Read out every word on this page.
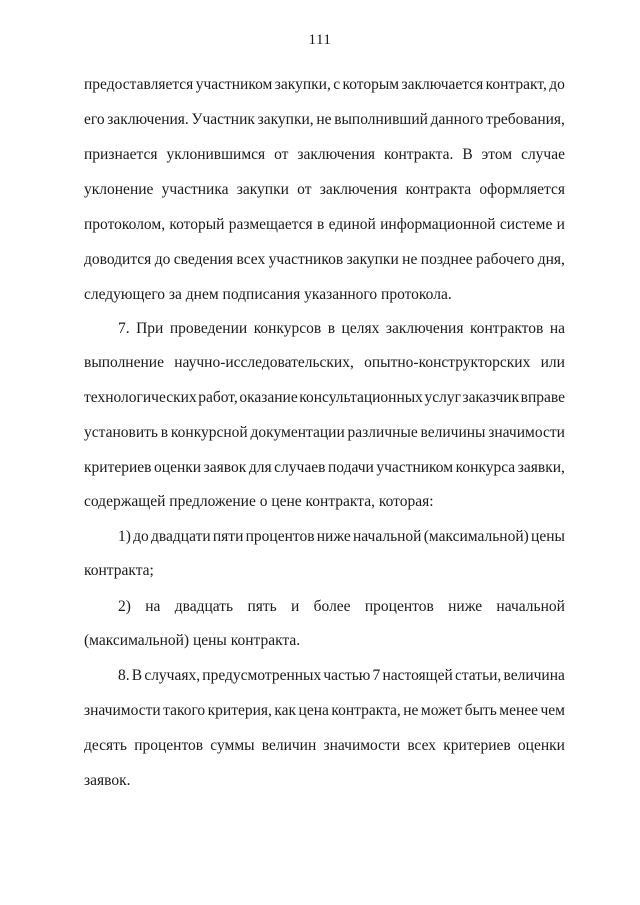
111
предоставляется участником закупки, с которым заключается контракт, до
его заключения. Участник закупки, не выполнивший данного требования,
признается уклонившимся от заключения контракта. В этом случае
уклонение участника закупки от заключения контракта оформляется
протоколом, который размещается в единой информационной системе и
доводится до сведения всех участников закупки не позднее рабочего дня,
следующего за днем подписания указанного протокола.
7. При проведении конкурсов в целях заключения контрактов на
выполнение научно-исследовательских, опытно-конструкторских или
технологических работ, оказание консультационных услуг заказчик вправе
установить в конкурсной документации различные величины значимости
критериев оценки заявок для случаев подачи участником конкурса заявки,
содержащей предложение о цене контракта, которая:
1) до двадцати пяти процентов ниже начальной (максимальной) цены
контракта;
2) на двадцать пять и более процентов ниже начальной
(максимальной) цены контракта.
8. В случаях, предусмотренных частью 7 настоящей статьи, величина
значимости такого критерия, как цена контракта, не может быть менее чем
десять процентов суммы величин значимости всех критериев оценки
заявок.
